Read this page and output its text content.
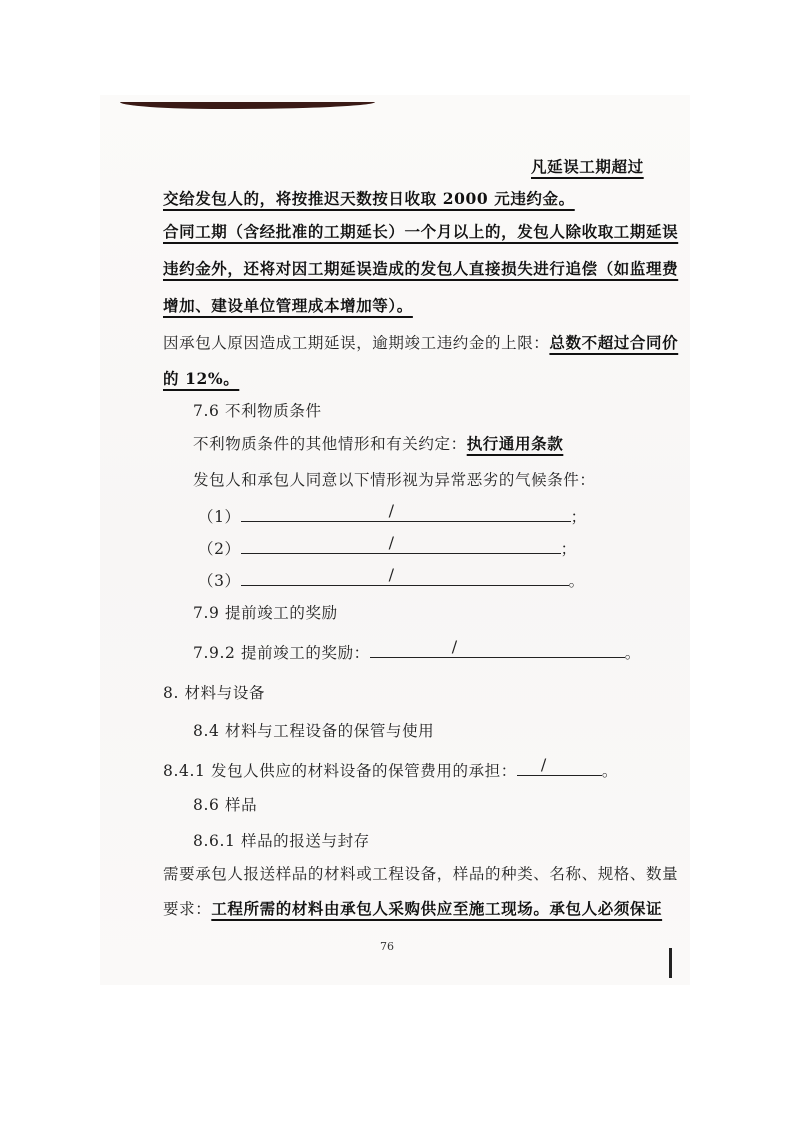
凡延误工期超过
交给发包人的，将按推迟天数按日收取 2000 元违约金。
合同工期（含经批准的工期延长）一个月以上的，发包人除收取工期延误
违约金外，还将对因工期延误造成的发包人直接损失进行追偿（如监理费
增加、建设单位管理成本增加等）。
因承包人原因造成工期延误，逾期竣工违约金的上限：总数不超过合同价
的 12%。
7.6 不利物质条件
不利物质条件的其他情形和有关约定：执行通用条款
发包人和承包人同意以下情形视为异常恶劣的气候条件：
（1）	/	；
（2）	/	；
（3）	/	。
7.9 提前竣工的奖励
7.9.2 提前竣工的奖励：	/	。
8. 材料与设备
8.4 材料与工程设备的保管与使用
8.4.1 发包人供应的材料设备的保管费用的承担： /	。
8.6 样品
8.6.1 样品的报送与封存
需要承包人报送样品的材料或工程设备，样品的种类、名称、规格、数量
要求：工程所需的材料由承包人采购供应至施工现场。承包人必须保证
76
